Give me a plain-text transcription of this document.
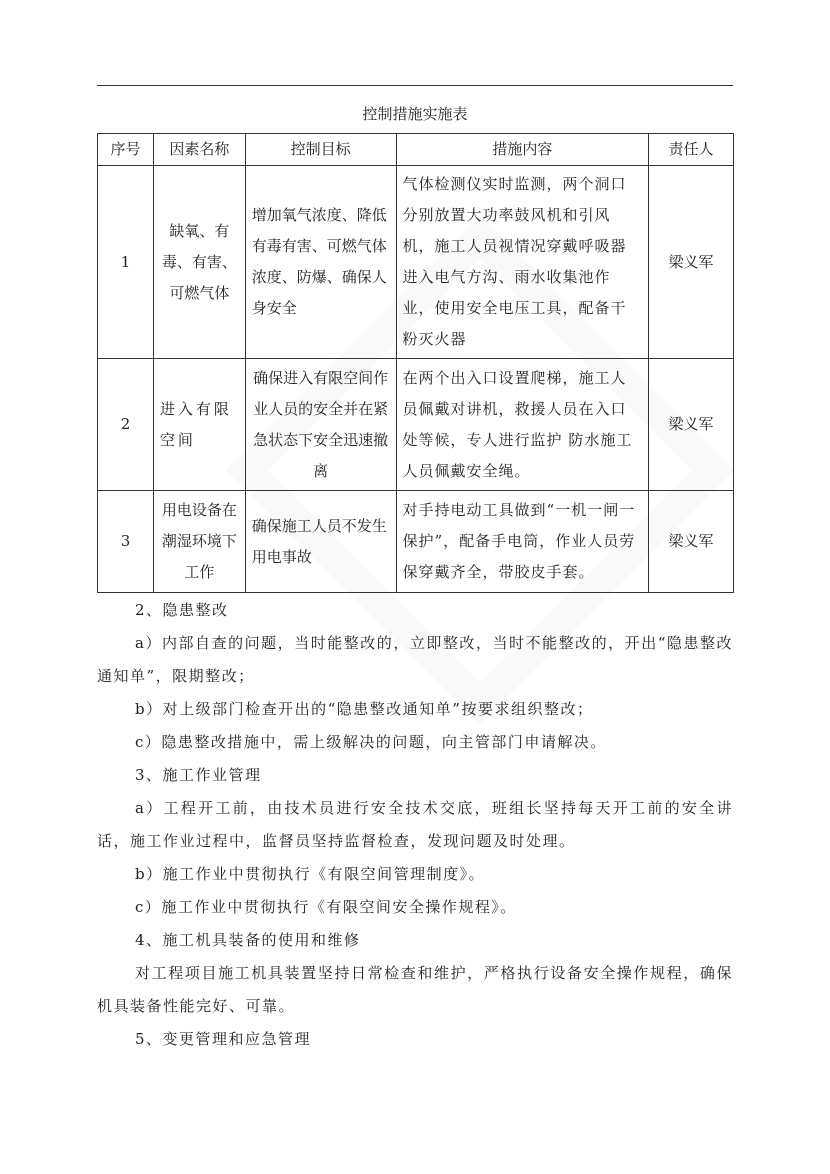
控制措施实施表
序号	因素名称	控制目标	措施内容	责任人
1	缺氧、有毒、有害、可燃气体	增加氧气浓度、降低有毒有害、可燃气体浓度、防爆、确保人身安全	气体检测仪实时监测，两个洞口分别放置大功率鼓风机和引风机，施工人员视情况穿戴呼吸器进入电气方沟、雨水收集池作业，使用安全电压工具，配备干粉灭火器	梁义军
2	进入有限空间	确保进入有限空间作业人员的安全并在紧急状态下安全迅速撤离	在两个出入口设置爬梯，施工人员佩戴对讲机，救援人员在入口处等候，专人进行监护 防水施工人员佩戴安全绳。	梁义军
3	用电设备在潮湿环境下工作	确保施工人员不发生用电事故	对手持电动工具做到“一机一闸一保护”，配备手电筒，作业人员劳保穿戴齐全，带胶皮手套。	梁义军

2、隐患整改

a）内部自查的问题，当时能整改的，立即整改，当时不能整改的，开出“隐患整改通知单”，限期整改；

b）对上级部门检查开出的“隐患整改通知单”按要求组织整改；

c）隐患整改措施中，需上级解决的问题，向主管部门申请解决。

3、施工作业管理

a）工程开工前，由技术员进行安全技术交底，班组长坚持每天开工前的安全讲话，施工作业过程中，监督员坚持监督检查，发现问题及时处理。

b）施工作业中贯彻执行《有限空间管理制度》。

c）施工作业中贯彻执行《有限空间安全操作规程》。

4、施工机具装备的使用和维修

对工程项目施工机具装置坚持日常检查和维护，严格执行设备安全操作规程，确保机具装备性能完好、可靠。

5、变更管理和应急管理
